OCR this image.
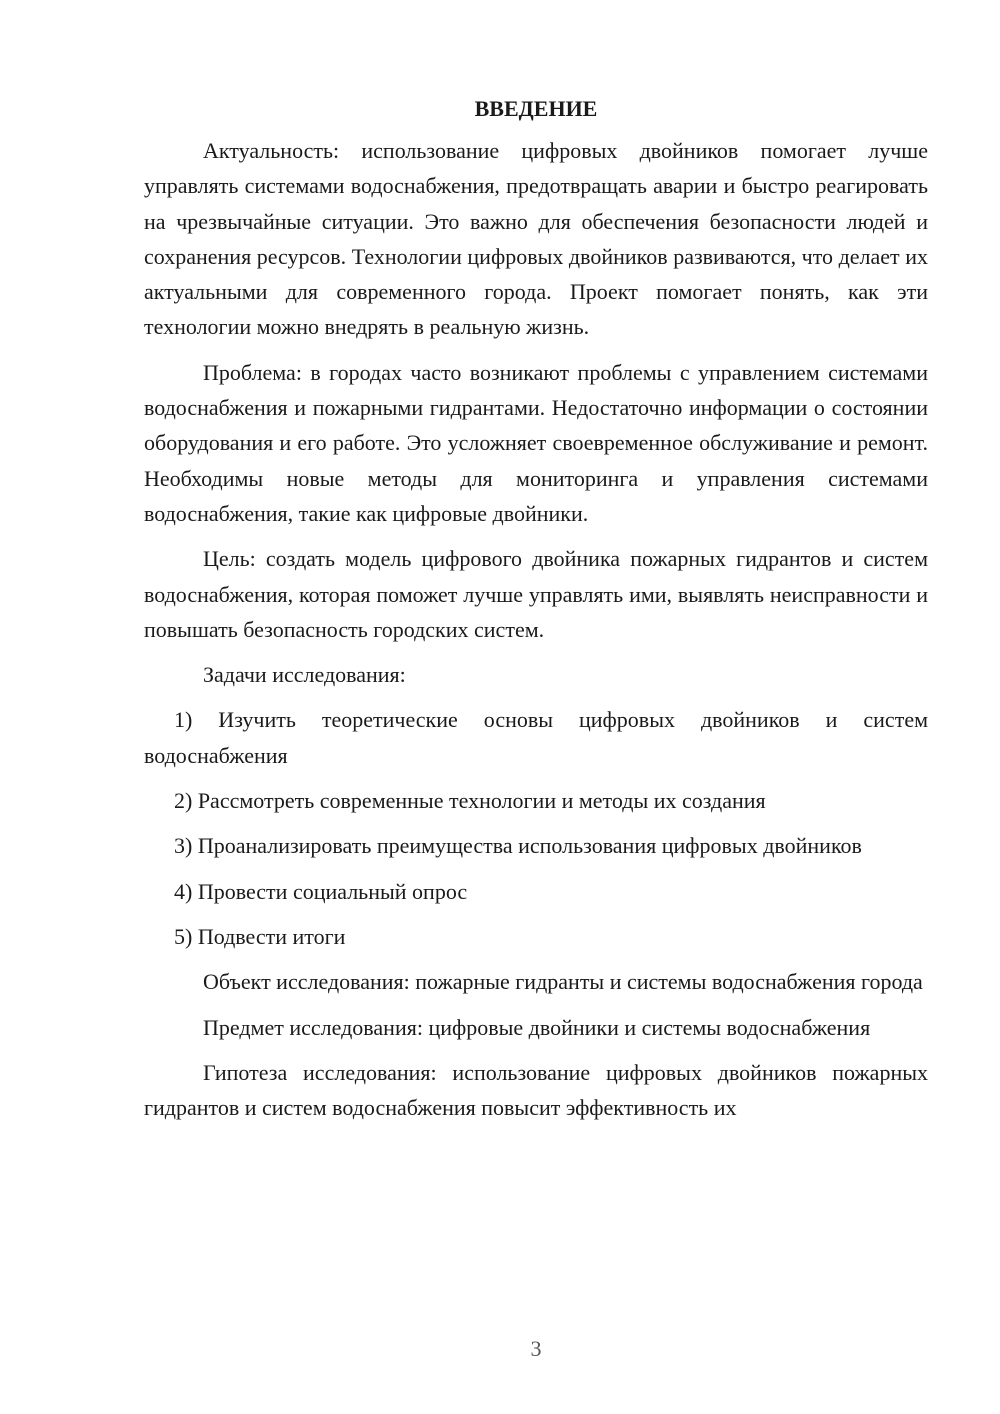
ВВЕДЕНИЕ

Актуальность: использование цифровых двойников помогает лучше управлять системами водоснабжения, предотвращать аварии и быстро реагировать на чрезвычайные ситуации. Это важно для обеспечения безопасности людей и сохранения ресурсов. Технологии цифровых двойников развиваются, что делает их актуальными для современного города. Проект помогает понять, как эти технологии можно внедрять в реальную жизнь.

Проблема: в городах часто возникают проблемы с управлением системами водоснабжения и пожарными гидрантами. Недостаточно информации о состоянии оборудования и его работе. Это усложняет своевременное обслуживание и ремонт. Необходимы новые методы для мониторинга и управления системами водоснабжения, такие как цифровые двойники.

Цель: создать модель цифрового двойника пожарных гидрантов и систем водоснабжения, которая поможет лучше управлять ими, выявлять неисправности и повышать безопасность городских систем.

Задачи исследования:

1) Изучить теоретические основы цифровых двойников и систем водоснабжения

2) Рассмотреть современные технологии и методы их создания

3) Проанализировать преимущества использования цифровых двойников

4) Провести социальный опрос

5) Подвести итоги

Объект исследования: пожарные гидранты и системы водоснабжения города

Предмет исследования: цифровые двойники и системы водоснабжения

Гипотеза исследования: использование цифровых двойников пожарных гидрантов и систем водоснабжения повысит эффективность их

3
